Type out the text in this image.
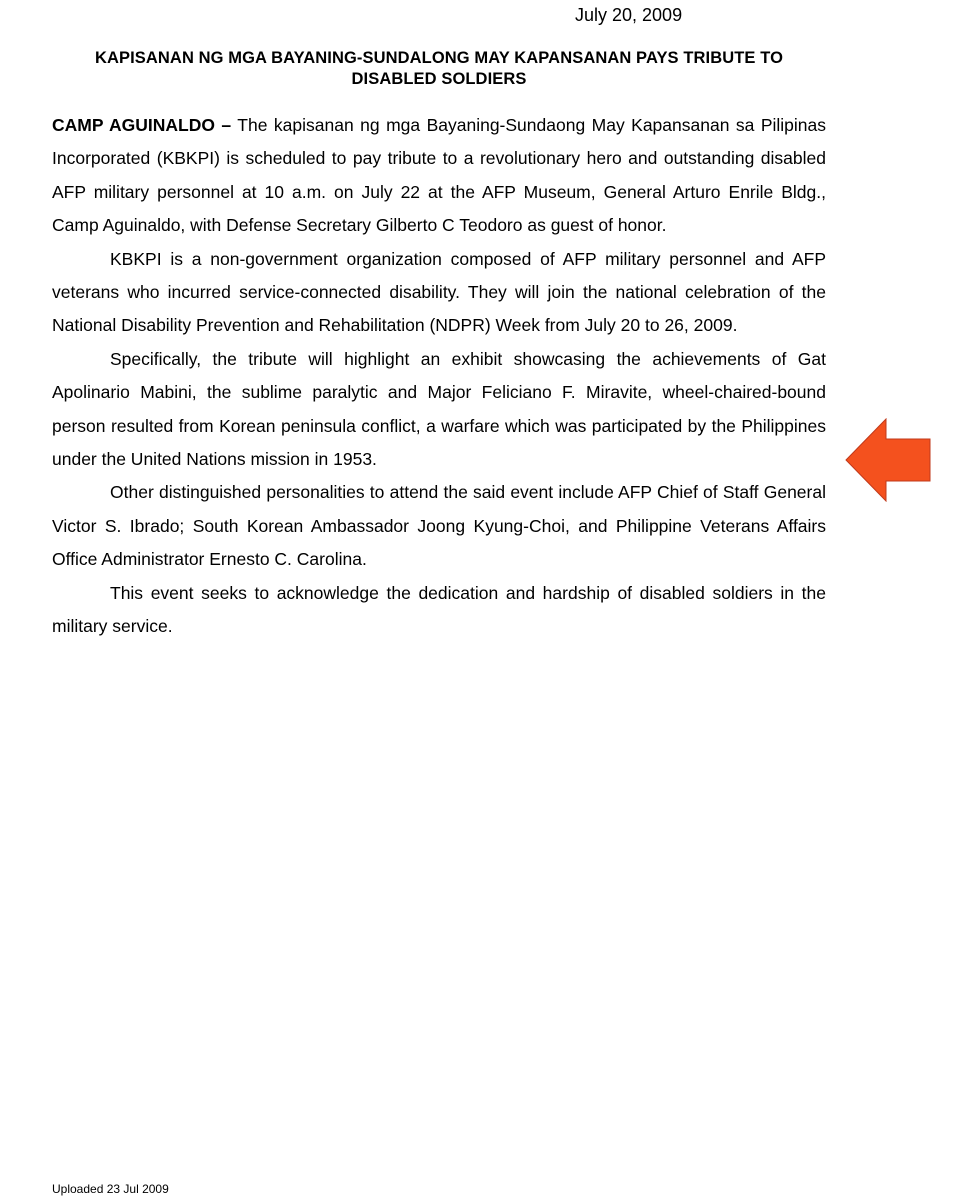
July 20, 2009

KAPISANAN NG MGA BAYANING-SUNDALONG MAY KAPANSANAN PAYS TRIBUTE TO DISABLED SOLDIERS

CAMP AGUINALDO – The kapisanan ng mga Bayaning-Sundaong May Kapansanan sa Pilipinas Incorporated (KBKPI) is scheduled to pay tribute to a revolutionary hero and outstanding disabled AFP military personnel at 10 a.m. on July 22 at the AFP Museum, General Arturo Enrile Bldg., Camp Aguinaldo, with Defense Secretary Gilberto C Teodoro as guest of honor.

KBKPI is a non-government organization composed of AFP military personnel and AFP veterans who incurred service-connected disability. They will join the national celebration of the National Disability Prevention and Rehabilitation (NDPR) Week from July 20 to 26, 2009.

Specifically, the tribute will highlight an exhibit showcasing the achievements of Gat Apolinario Mabini, the sublime paralytic and Major Feliciano F. Miravite, wheel-chaired-bound person resulted from Korean peninsula conflict, a warfare which was participated by the Philippines under the United Nations mission in 1953.

Other distinguished personalities to attend the said event include AFP Chief of Staff General Victor S. Ibrado; South Korean Ambassador Joong Kyung-Choi, and Philippine Veterans Affairs Office Administrator Ernesto C. Carolina.

This event seeks to acknowledge the dedication and hardship of disabled soldiers in the military service.

Uploaded 23 Jul 2009
